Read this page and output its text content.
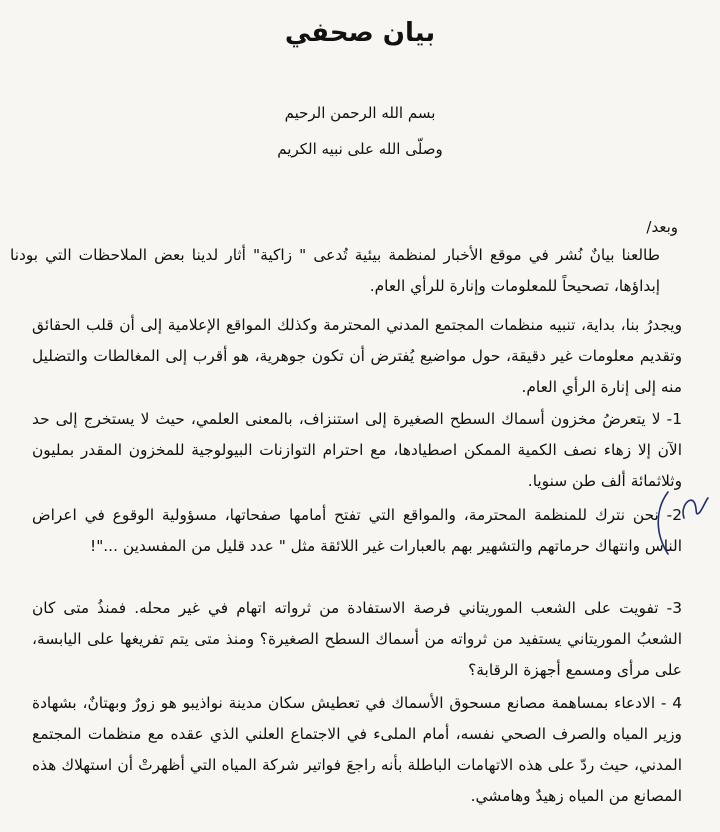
بيان صحفي
بسم الله الرحمن الرحيم
وصلّى الله على نبيه الكريم
وبعد/
طالعنا بيانٌ نُشر في موقع الأخبار لمنظمة بيئية تُدعى " زاكية" أثار لدينا بعض الملاحظات التي بودنا إبداؤها، تصحيحاً للمعلومات وإنارة للرأي العام.
ويجدرُ بنا، بداية، تنبيه منظمات المجتمع المدني المحترمة وكذلك المواقع الإعلامية إلى أن قلب الحقائق وتقديم معلومات غير دقيقة، حول مواضيع يُفترض أن تكون جوهرية، هو أقرب إلى المغالطات والتضليل منه إلى إنارة الرأي العام.
1- لا يتعرضُ مخزون أسماك السطح الصغيرة إلى استنزاف، بالمعنى العلمي، حيث لا يستخرج إلى حد الآن إلا زهاء نصف الكمية الممكن اصطيادها، مع احترام التوازنات البيولوجية للمخزون المقدر بمليون وثلاثمائة ألف طن سنويا.
2- نحن نترك للمنظمة المحترمة، والمواقع التي تفتح أمامها صفحاتها، مسؤولية الوقوع في اعراض الناس وانتهاك حرماتهم والتشهير بهم بالعبارات غير اللائقة مثل " عدد قليل من المفسدين ..."!
3- تفويت على الشعب الموريتاني فرصة الاستفادة من ثرواته اتهام في غير محله. فمنذُ متى كان الشعبُ الموريتاني يستفيد من ثرواته من أسماك السطح الصغيرة؟ ومنذ متى يتم تفريغها على اليابسة، على مرأى ومسمع أجهزة الرقابة؟
4 - الادعاء بمساهمة مصانع مسحوق الأسماك في تعطيش سكان مدينة نواذيبو هو زورٌ وبهتانٌ، بشهادة وزير المياه والصرف الصحي نفسه، أمام الملىء في الاجتماع العلني الذي عقده مع منظمات المجتمع المدني، حيث ردّ على هذه الاتهامات الباطلة بأنه راجعَ فواتير شركة المياه التي أظهرتْ أن استهلاك هذه المصانع من المياه زهيدٌ وهامشي.
